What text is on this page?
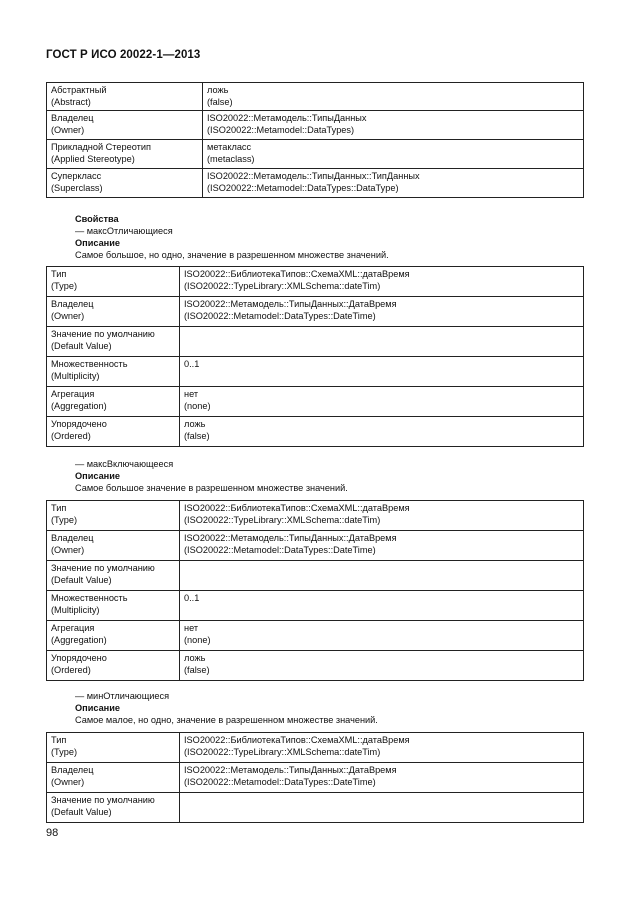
ГОСТ Р ИСО 20022-1—2013
Абстрактный
(Abstract)	ложь
(false)

Владелец
(Owner)	ISO20022::Метамодель::ТипыДанных
(ISO20022::Metamodel::DataTypes)

Прикладной Стереотип
(Applied Stereotype)	метакласс
(metaclass)

Суперкласс
(Superclass)	ISO20022::Метамодель::ТипыДанных::ТипДанных
(ISO20022::Metamodel::DataTypes::DataType)
Свойства
— максОтличающиеся
Описание
Самое большое, но одно, значение в разрешенном множестве значений.
Тип
(Type)	ISO20022::БиблиотекаТипов::СхемаXML::датаВремя
(ISO20022::TypeLibrary::XMLSchema::dateTim)

Владелец
(Owner)	ISO20022::Метамодель::ТипыДанных::ДатаВремя
(ISO20022::Metamodel::DataTypes::DateTime)

Значение по умолчанию
(Default Value)	

Множественность
(Multiplicity)	0..1

Агрегация
(Aggregation)	нет
(none)

Упорядочено
(Ordered)	ложь
(false)
— максВключающееся
Описание
Самое большое значение в разрешенном множестве значений.
Тип
(Type)	ISO20022::БиблиотекаТипов::СхемаXML::датаВремя
(ISO20022::TypeLibrary::XMLSchema::dateTim)

Владелец
(Owner)	ISO20022::Метамодель::ТипыДанных::ДатаВремя
(ISO20022::Metamodel::DataTypes::DateTime)

Значение по умолчанию
(Default Value)	

Множественность
(Multiplicity)	0..1

Агрегация
(Aggregation)	нет
(none)

Упорядочено
(Ordered)	ложь
(false)
— минОтличающиеся
Описание
Самое малое, но одно, значение в разрешенном множестве значений.
Тип
(Type)	ISO20022::БиблиотекаТипов::СхемаXML::датаВремя
(ISO20022::TypeLibrary::XMLSchema::dateTim)

Владелец
(Owner)	ISO20022::Метамодель::ТипыДанных::ДатаВремя
(ISO20022::Metamodel::DataTypes::DateTime)

Значение по умолчанию
(Default Value)	

98
